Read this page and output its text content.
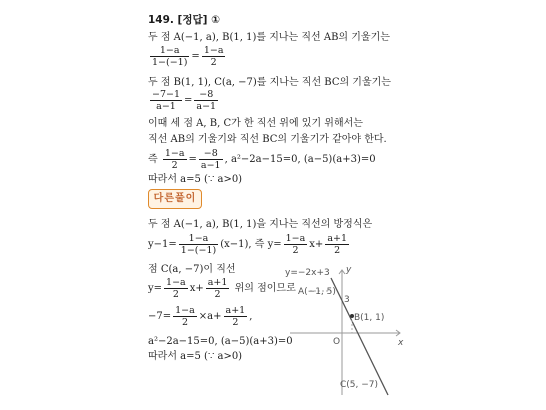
149. [정답] ①
두 점 A(−1, a), B(1, 1)를 지나는 직선 AB의 기울기는
$\frac{1-a}{1-(-1)} = \frac{1-a}{2}$
두 점 B(1, 1), C(a, −7)를 지나는 직선 BC의 기울기는
$\frac{-7-1}{a-1} = \frac{-8}{a-1}$
이때 세 점 A, B, C가 한 직선 위에 있기 위해서는
직선 AB의 기울기와 직선 BC의 기울기가 같아야 한다.
즉 $\frac{1-a}{2} = \frac{-8}{a-1}$ , a²−2a−15=0, (a−5)(a+3)=0
따라서 a=5 (∵ a>0)
다른풀이
두 점 A(−1, a), B(1, 1)을 지나는 직선의 방정식은
$y-1= \frac{1-a}{1-(-1)} (x-1)$, 즉 $y= \frac{1-a}{2} x+ \frac{a+1}{2}$
점 C(a, −7)이 직선
$y= \frac{1-a}{2} x+ \frac{a+1}{2}$ 위의 점이므로
$-7= \frac{1-a}{2} \times a+ \frac{a+1}{2}$ ,
a²−2a−15=0, (a−5)(a+3)=0
따라서 a=5 (∵ a>0)
y=−2x+3 y
x
O
3
A(−1, 5)
B(1, 1)
C(5, −7)
